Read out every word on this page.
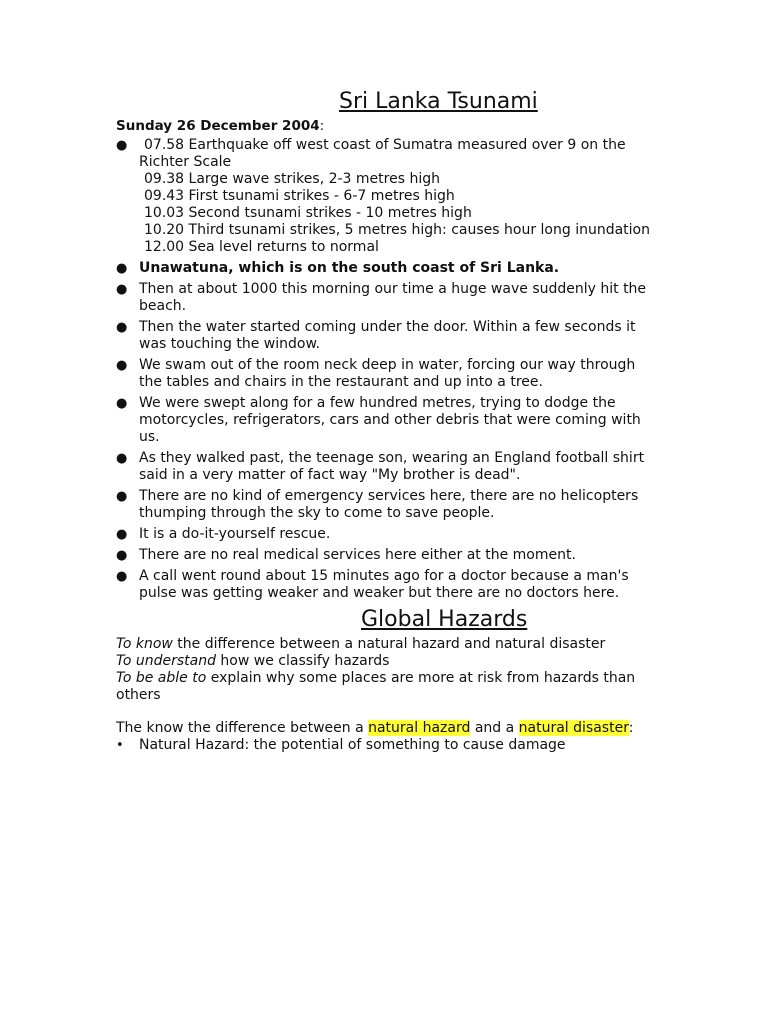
Sri Lanka Tsunami

Sunday 26 December 2004:

●	07.58 Earthquake off west coast of Sumatra measured over 9 on the
Richter Scale
09.38 Large wave strikes, 2-3 metres high
09.43 First tsunami strikes - 6-7 metres high
10.03 Second tsunami strikes - 10 metres high
10.20 Third tsunami strikes, 5 metres high: causes hour long inundation
12.00 Sea level returns to normal
● Unawatuna, which is on the south coast of Sri Lanka.
● Then at about 1000 this morning our time a huge wave suddenly hit the beach.
● Then the water started coming under the door. Within a few seconds it was touching the window.
● We swam out of the room neck deep in water, forcing our way through the tables and chairs in the restaurant and up into a tree.
● We were swept along for a few hundred metres, trying to dodge the motorcycles, refrigerators, cars and other debris that were coming with us.
● As they walked past, the teenage son, wearing an England football shirt said in a very matter of fact way "My brother is dead".
● There are no kind of emergency services here, there are no helicopters thumping through the sky to come to save people.
● It is a do-it-yourself rescue.
● There are no real medical services here either at the moment.
● A call went round about 15 minutes ago for a doctor because a man's pulse was getting weaker and weaker but there are no doctors here.
Global Hazards

To know the difference between a natural hazard and natural disaster

To understand how we classify hazards

To be able to explain why some places are more at risk from hazards than others

The know the difference between a natural hazard and a natural disaster:

• Natural Hazard: the potential of something to cause damage
